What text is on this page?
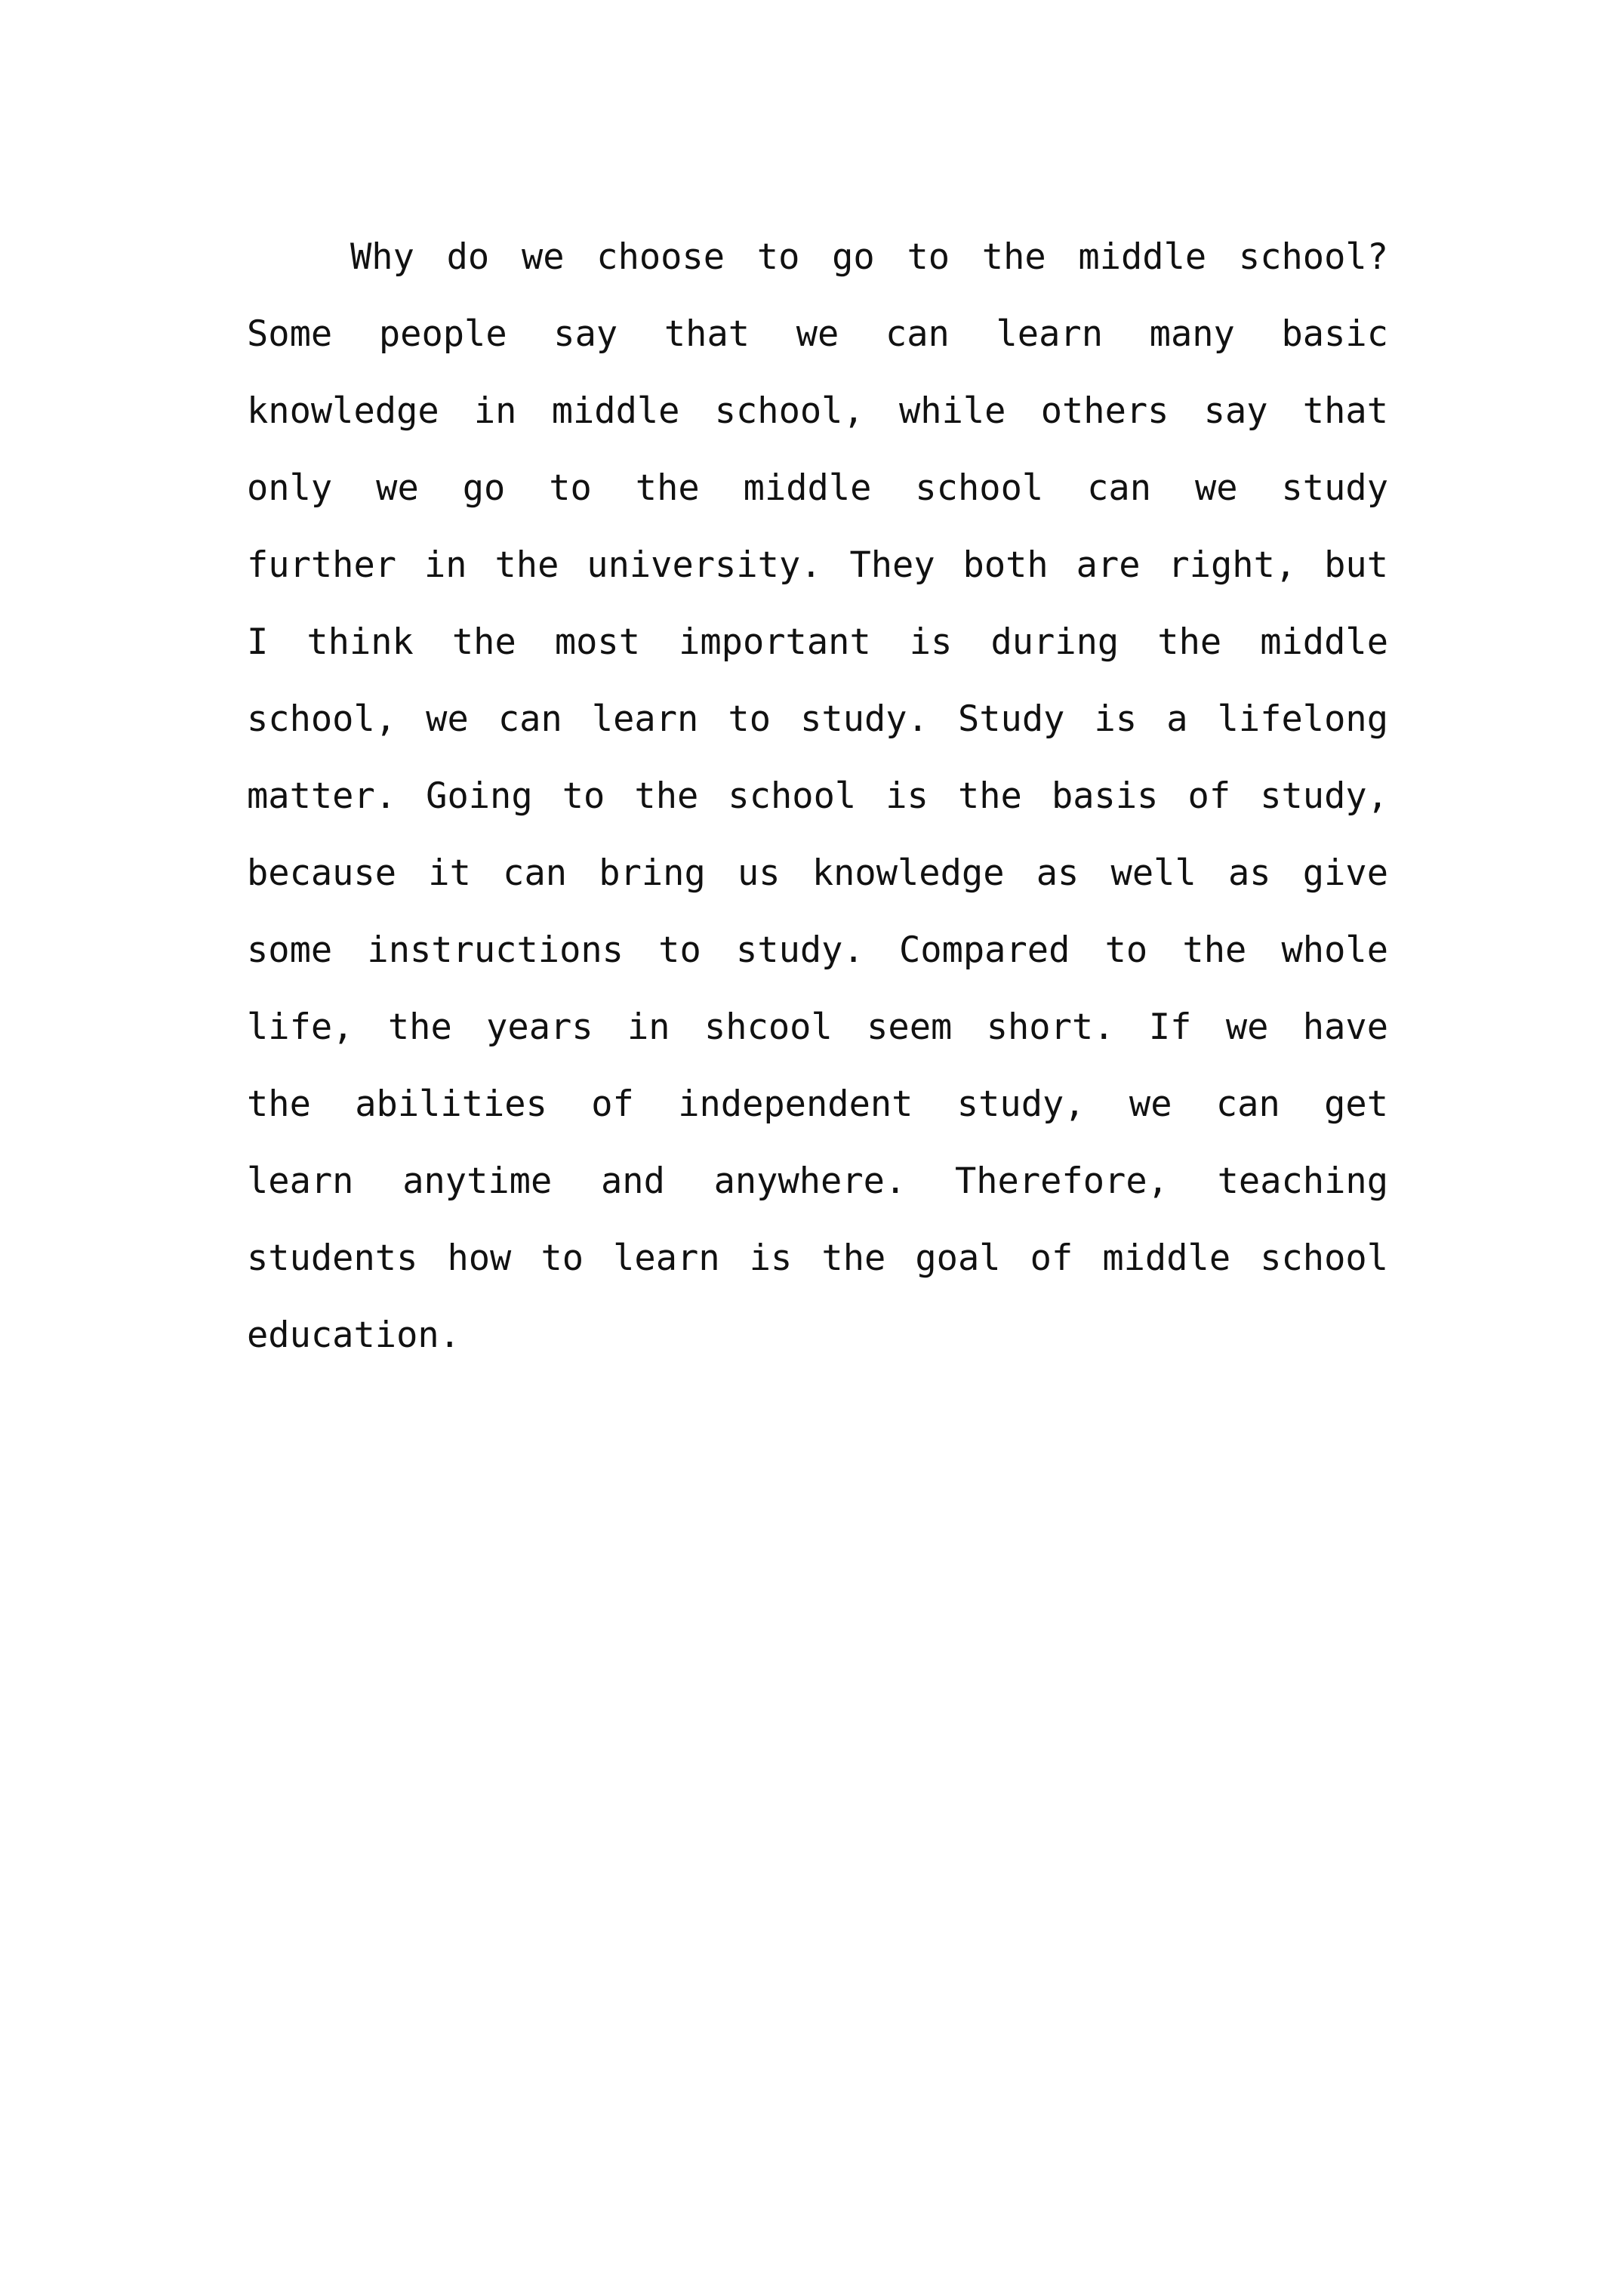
Why do we choose to go to the middle school?
Some people say that we can learn many basic
knowledge in middle school, while others say that
only we go to the middle school can we study
further in the university. They both are right, but
I think the most important is during the middle
school, we can learn to study. Study is a lifelong
matter. Going to the school is the basis of study,
because it can bring us knowledge as well as give
some instructions to study. Compared to the whole
life, the years in shcool seem short. If we have
the abilities of independent study, we can get
learn anytime and anywhere. Therefore, teaching
students how to learn is the goal of middle school
education.
